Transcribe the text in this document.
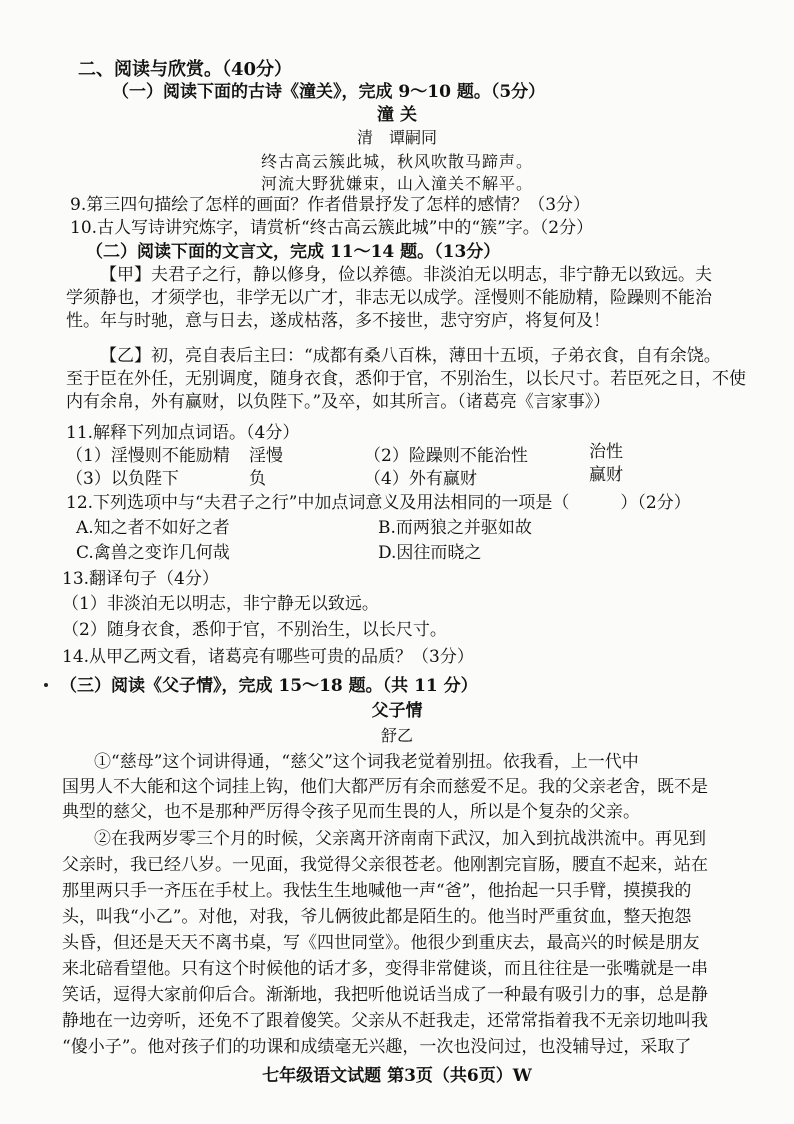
二、阅读与欣赏。（40分）
（一）阅读下面的古诗《潼关》，完成 9～10 题。（5分）
潼 关
清　谭嗣同
终古高云簇此城，秋风吹散马蹄声。
河流大野犹嫌束，山入潼关不解平。
9.第三四句描绘了怎样的画面？作者借景抒发了怎样的感情？（3分）
10.古人写诗讲究炼字，请赏析“终古高云簇此城”中的“簇”字。（2分）
（二）阅读下面的文言文，完成 11～14 题。（13分）
【甲】夫君子之行，静以修身，俭以养德。非淡泊无以明志，非宁静无以致远。夫
学须静也，才须学也，非学无以广才，非志无以成学。淫慢则不能励精，险躁则不能治
性。年与时驰，意与日去，遂成枯落，多不接世，悲守穷庐，将复何及！
【乙】初，亮自表后主曰：“成都有桑八百株，薄田十五顷，子弟衣食，自有余饶。
至于臣在外任，无别调度，随身衣食，悉仰于官，不别治生，以长尺寸。若臣死之日，不使
内有余帛，外有赢财，以负陛下。”及卒，如其所言。（诸葛亮《言家事》）
11.解释下列加点词语。（4分）
（1）淫慢则不能励精 淫慢	（2）险躁则不能治性	治性
（3）以负陛下	负	（4）外有赢财	赢财
12.下列选项中与“夫君子之行”中加点词意义及用法相同的一项是（　　　）（2分）
A.知之者不如好之者	B.而两狼之并驱如故
C.禽兽之变诈几何哉	D.因往而晓之
13.翻译句子（4分）
（1）非淡泊无以明志，非宁静无以致远。
（2）随身衣食，悉仰于官，不别治生，以长尺寸。
14.从甲乙两文看，诸葛亮有哪些可贵的品质？（3分）
（三）阅读《父子情》，完成 15～18 题。（共 11 分）
父子情
舒乙
①“慈母”这个词讲得通，“慈父”这个词我老觉着别扭。依我看，上一代中
国男人不大能和这个词挂上钩，他们大都严厉有余而慈爱不足。我的父亲老舍，既不是
典型的慈父，也不是那种严厉得令孩子见而生畏的人，所以是个复杂的父亲。
②在我两岁零三个月的时候，父亲离开济南南下武汉，加入到抗战洪流中。再见到
父亲时，我已经八岁。一见面，我觉得父亲很苍老。他刚割完盲肠，腰直不起来，站在
那里两只手一齐压在手杖上。我怯生生地喊他一声“爸”，他抬起一只手臂，摸摸我的
头，叫我“小乙”。对他，对我，爷儿俩彼此都是陌生的。他当时严重贫血，整天抱怨
头昏，但还是天天不离书桌，写《四世同堂》。他很少到重庆去，最高兴的时候是朋友
来北碚看望他。只有这个时候他的话才多，变得非常健谈，而且往往是一张嘴就是一串
笑话，逗得大家前仰后合。渐渐地，我把听他说话当成了一种最有吸引力的事，总是静
静地在一边旁听，还免不了跟着傻笑。父亲从不赶我走，还常常指着我不无亲切地叫我
“傻小子”。他对孩子们的功课和成绩毫无兴趣，一次也没问过，也没辅导过，采取了
七年级语文试题 第3页（共6页）W
